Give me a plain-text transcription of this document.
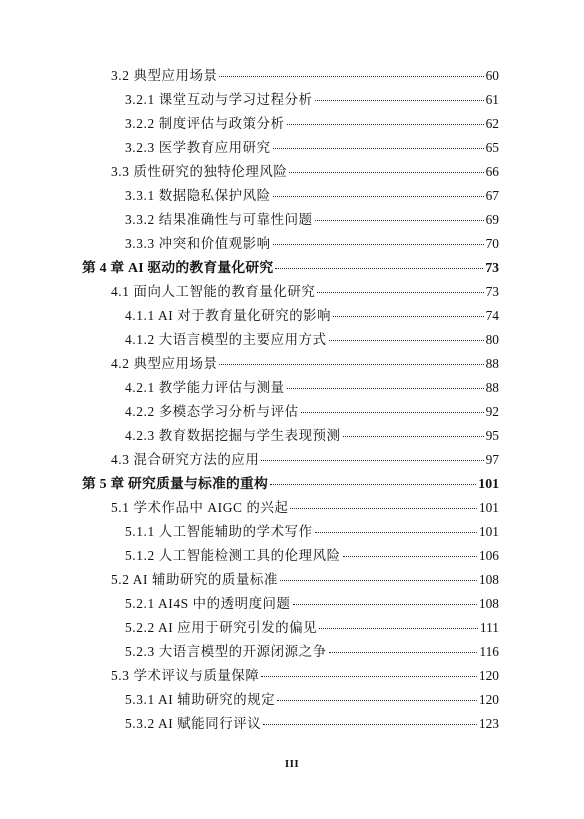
3.2 典型应用场景	60
3.2.1 课堂互动与学习过程分析	61
3.2.2 制度评估与政策分析	62
3.2.3 医学教育应用研究	65
3.3 质性研究的独特伦理风险	66
3.3.1 数据隐私保护风险	67
3.3.2 结果准确性与可靠性问题	69
3.3.3 冲突和价值观影响	70
第 4 章 AI 驱动的教育量化研究	73
4.1 面向人工智能的教育量化研究	73
4.1.1 AI 对于教育量化研究的影响	74
4.1.2 大语言模型的主要应用方式	80
4.2 典型应用场景	88
4.2.1 教学能力评估与测量	88
4.2.2 多模态学习分析与评估	92
4.2.3 教育数据挖掘与学生表现预测	95
4.3 混合研究方法的应用	97
第 5 章 研究质量与标准的重构	101
5.1 学术作品中 AIGC 的兴起	101
5.1.1 人工智能辅助的学术写作	101
5.1.2 人工智能检测工具的伦理风险	106
5.2 AI 辅助研究的质量标准	108
5.2.1 AI4S 中的透明度问题	108
5.2.2 AI 应用于研究引发的偏见	111
5.2.3 大语言模型的开源闭源之争	116
5.3 学术评议与质量保障	120
5.3.1 AI 辅助研究的规定	120
5.3.2 AI 赋能同行评议	123
III
